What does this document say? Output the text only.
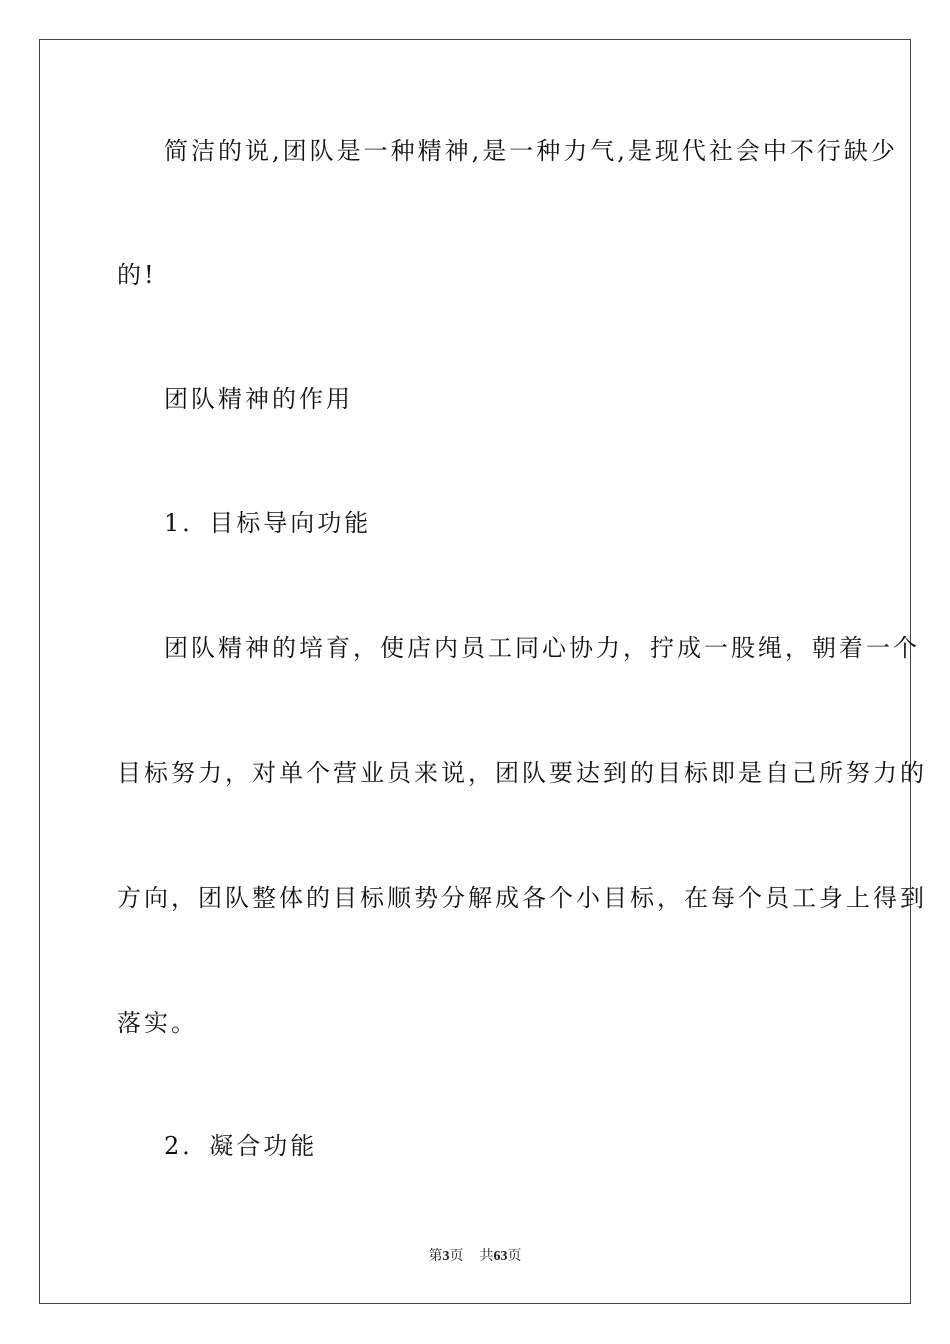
简洁的说,团队是一种精神,是一种力气,是现代社会中不行缺少
的!
团队精神的作用
1．目标导向功能
团队精神的培育，使店内员工同心协力，拧成一股绳，朝着一个
目标努力，对单个营业员来说，团队要达到的目标即是自己所努力的
方向，团队整体的目标顺势分解成各个小目标，在每个员工身上得到
落实。
2．凝合功能
第3页 共63页
